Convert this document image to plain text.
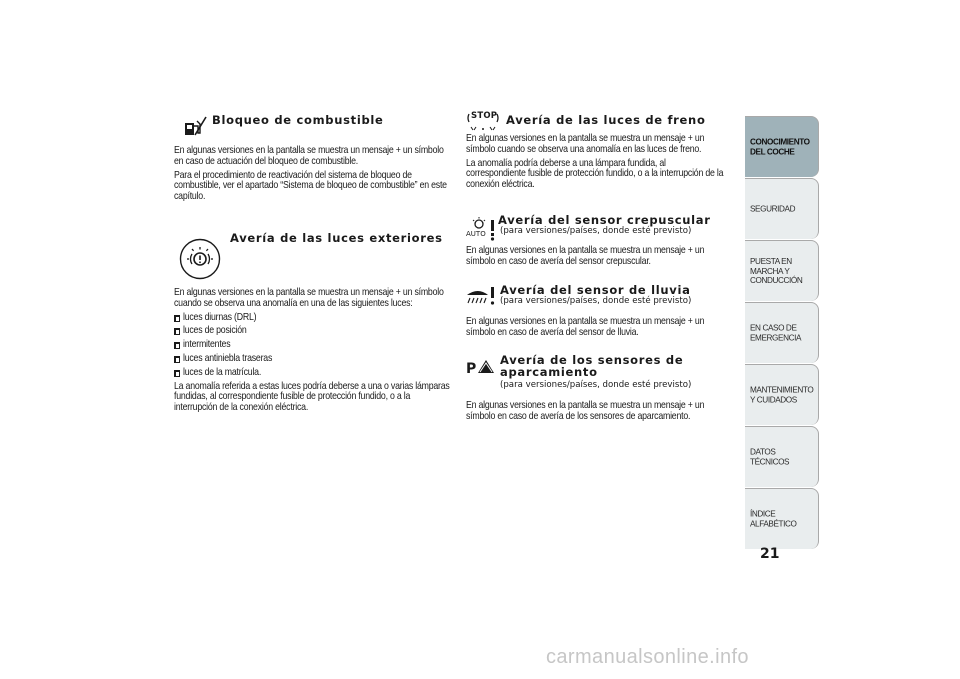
Bloqueo de combustible

En algunas versiones en la pantalla se muestra un mensaje + un símbolo en caso de actuación del bloqueo de combustible.

Para el procedimiento de reactivación del sistema de bloqueo de combustible, ver el apartado “Sistema de bloqueo de combustible” en este capítulo.

Avería de las luces exteriores

En algunas versiones en la pantalla se muestra un mensaje + un símbolo cuando se observa una anomalía en una de las siguientes luces:

luces diurnas (DRL)
luces de posición
intermitentes
luces antiniebla traseras
luces de la matrícula.

La anomalía referida a estas luces podría deberse a una o varias lámparas fundidas, al correspondiente fusible de protección fundido, o a la interrupción de la conexión eléctrica.

STOP Avería de las luces de freno

En algunas versiones en la pantalla se muestra un mensaje + un símbolo cuando se observa una anomalía en las luces de freno.

La anomalía podría deberse a una lámpara fundida, al correspondiente fusible de protección fundido, o a la interrupción de la conexión eléctrica.

AUTO
Avería del sensor crepuscular
(para versiones/países, donde esté previsto)

En algunas versiones en la pantalla se muestra un mensaje + un símbolo en caso de avería del sensor crepuscular.

Avería del sensor de lluvia
(para versiones/países, donde esté previsto)

En algunas versiones en la pantalla se muestra un mensaje + un símbolo en caso de avería del sensor de lluvia.

P
Avería de los sensores de
aparcamiento
(para versiones/países, donde esté previsto)

En algunas versiones en la pantalla se muestra un mensaje + un símbolo en caso de avería de los sensores de aparcamiento.

CONOCIMIENTO DEL COCHE
SEGURIDAD
PUESTA EN MARCHA Y CONDUCCIÓN
EN CASO DE EMERGENCIA
MANTENIMIENTO Y CUIDADOS
DATOS TÉCNICOS
ÍNDICE ALFABÉTICO
21
carmanualsonline.info
